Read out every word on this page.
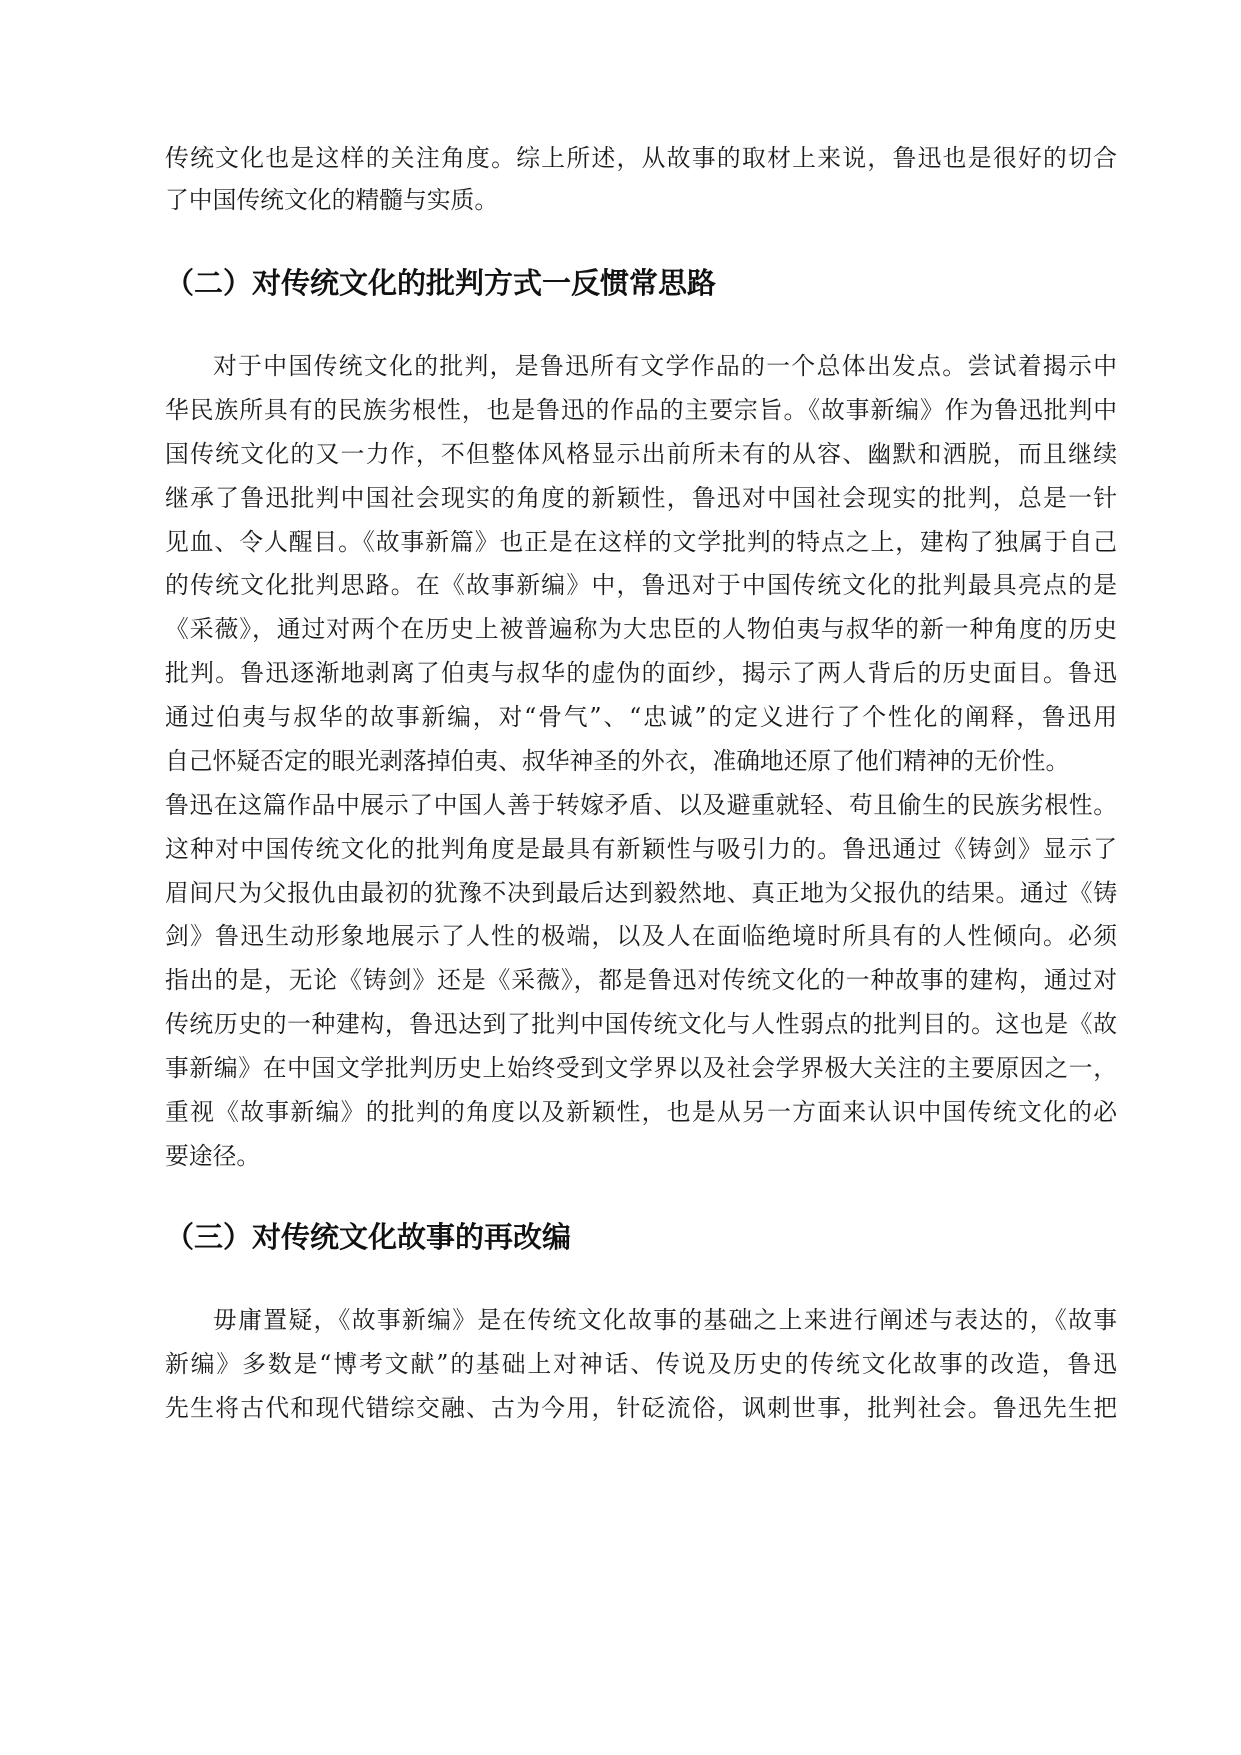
传统文化也是这样的关注角度。综上所述，从故事的取材上来说，鲁迅也是很好的切合
了中国传统文化的精髓与实质。
（二）对传统文化的批判方式一反惯常思路
对于中国传统文化的批判，是鲁迅所有文学作品的一个总体出发点。尝试着揭示中
华民族所具有的民族劣根性，也是鲁迅的作品的主要宗旨。《故事新编》作为鲁迅批判中
国传统文化的又一力作，不但整体风格显示出前所未有的从容、幽默和洒脱，而且继续
继承了鲁迅批判中国社会现实的角度的新颖性，鲁迅对中国社会现实的批判，总是一针
见血、令人醒目。《故事新篇》也正是在这样的文学批判的特点之上，建构了独属于自己
的传统文化批判思路。在《故事新编》中，鲁迅对于中国传统文化的批判最具亮点的是
《采薇》，通过对两个在历史上被普遍称为大忠臣的人物伯夷与叔华的新一种角度的历史
批判。鲁迅逐渐地剥离了伯夷与叔华的虚伪的面纱，揭示了两人背后的历史面目。鲁迅
通过伯夷与叔华的故事新编，对“骨气”、“忠诚”的定义进行了个性化的阐释，鲁迅用
自己怀疑否定的眼光剥落掉伯夷、叔华神圣的外衣，准确地还原了他们精神的无价性。
鲁迅在这篇作品中展示了中国人善于转嫁矛盾、以及避重就轻、苟且偷生的民族劣根性。
这种对中国传统文化的批判角度是最具有新颖性与吸引力的。鲁迅通过《铸剑》显示了
眉间尺为父报仇由最初的犹豫不决到最后达到毅然地、真正地为父报仇的结果。通过《铸
剑》鲁迅生动形象地展示了人性的极端，以及人在面临绝境时所具有的人性倾向。必须
指出的是，无论《铸剑》还是《采薇》，都是鲁迅对传统文化的一种故事的建构，通过对
传统历史的一种建构，鲁迅达到了批判中国传统文化与人性弱点的批判目的。这也是《故
事新编》在中国文学批判历史上始终受到文学界以及社会学界极大关注的主要原因之一，
重视《故事新编》的批判的角度以及新颖性，也是从另一方面来认识中国传统文化的必
要途径。
（三）对传统文化故事的再改编
毋庸置疑，《故事新编》是在传统文化故事的基础之上来进行阐述与表达的，《故事
新编》多数是“博考文献”的基础上对神话、传说及历史的传统文化故事的改造，鲁迅
先生将古代和现代错综交融、古为今用，针砭流俗，讽刺世事，批判社会。鲁迅先生把
